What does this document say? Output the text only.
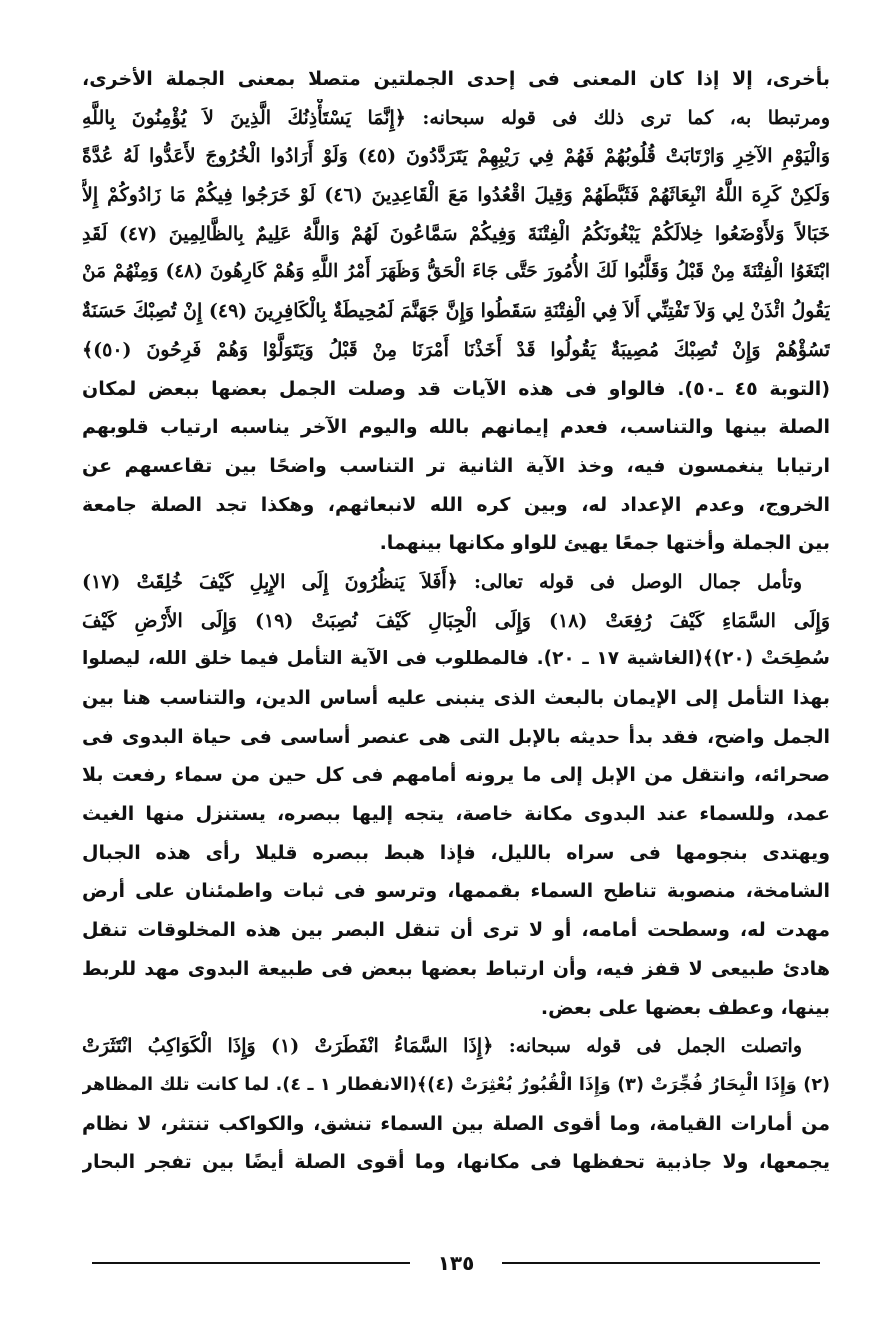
بأخرى، إلا إذا كان المعنى فى إحدى الجملتين متصلا بمعنى الجملة الأخرى،
ومرتبطا به، كما ترى ذلك فى قوله سبحانه: ﴿إِنَّمَا يَسْتَأْذِنُكَ الَّذِينَ لاَ يُؤْمِنُونَ بِاللَّهِ
وَالْيَوْمِ الآخِرِ وَارْتَابَتْ قُلُوبُهُمْ فَهُمْ فِي رَيْبِهِمْ يَتَرَدَّدُونَ (٤٥) وَلَوْ أَرَادُوا الْخُرُوجَ لأَعَدُّوا لَهُ عُدَّةً
وَلَكِنْ كَرِهَ اللَّهُ انْبِعَاثَهُمْ فَثَبَّطَهُمْ وَقِيلَ اقْعُدُوا مَعَ الْقَاعِدِينَ (٤٦) لَوْ خَرَجُوا فِيكُمْ مَا زَادُوكُمْ إِلاَّ
خَبَالاً وَلأَوْضَعُوا خِلالَكُمْ يَبْغُونَكُمُ الْفِتْنَةَ وَفِيكُمْ سَمَّاعُونَ لَهُمْ وَاللَّهُ عَلِيمٌ بِالظَّالِمِينَ (٤٧) لَقَدِ
ابْتَغَوُا الْفِتْنَةَ مِنْ قَبْلُ وَقَلَّبُوا لَكَ الأُمُورَ حَتَّى جَاءَ الْحَقُّ وَظَهَرَ أَمْرُ اللَّهِ وَهُمْ كَارِهُونَ (٤٨) وَمِنْهُمْ مَنْ
يَقُولُ ائْذَنْ لِي وَلاَ تَفْتِنِّي أَلاَ فِي الْفِتْنَةِ سَقَطُوا وَإِنَّ جَهَنَّمَ لَمُحِيطَةٌ بِالْكَافِرِينَ (٤٩) إِنْ تُصِبْكَ حَسَنَةٌ
تَسُؤْهُمْ وَإِنْ تُصِبْكَ مُصِيبَةٌ يَقُولُوا قَدْ أَخَذْنَا أَمْرَنَا مِنْ قَبْلُ وَيَتَوَلَّوْا وَهُمْ فَرِحُونَ (٥٠)﴾
(التوبة ٤٥ ـ٥٠). فالواو فى هذه الآيات قد وصلت الجمل بعضها ببعض لمكان
الصلة بينها والتناسب، فعدم إيمانهم بالله واليوم الآخر يناسبه ارتياب قلوبهم
ارتيابا ينغمسون فيه، وخذ الآية الثانية تر التناسب واضحًا بين تقاعسهم عن
الخروج، وعدم الإعداد له، وبين كره الله لانبعاثهم، وهكذا تجد الصلة جامعة
بين الجملة وأختها جمعًا يهيئ للواو مكانها بينهما.
وتأمل جمال الوصل فى قوله تعالى: ﴿أَفَلاَ يَنظُرُونَ إِلَى الإِبِلِ كَيْفَ خُلِقَتْ (١٧)
وَإِلَى السَّمَاءِ كَيْفَ رُفِعَتْ (١٨) وَإِلَى الْجِبَالِ كَيْفَ نُصِبَتْ (١٩) وَإِلَى الأَرْضِ كَيْفَ
سُطِحَتْ (٢٠)﴾(الغاشية ١٧ ـ ٢٠). فالمطلوب فى الآية التأمل فيما خلق الله، ليصلوا
بهذا التأمل إلى الإيمان بالبعث الذى ينبنى عليه أساس الدين، والتناسب هنا بين
الجمل واضح، فقد بدأ حديثه بالإبل التى هى عنصر أساسى فى حياة البدوى فى
صحرائه، وانتقل من الإبل إلى ما يرونه أمامهم فى كل حين من سماء رفعت بلا
عمد، وللسماء عند البدوى مكانة خاصة، يتجه إليها ببصره، يستنزل منها الغيث
ويهتدى بنجومها فى سراه بالليل، فإذا هبط ببصره قليلا رأى هذه الجبال
الشامخة، منصوبة تناطح السماء بقممها، وترسو فى ثبات واطمئنان على أرض
مهدت له، وسطحت أمامه، أو لا ترى أن تنقل البصر بين هذه المخلوقات تنقل
هادئ طبيعى لا قفز فيه، وأن ارتباط بعضها ببعض فى طبيعة البدوى مهد للربط
بينها، وعطف بعضها على بعض.
واتصلت الجمل فى قوله سبحانه: ﴿إِذَا السَّمَاءُ انْفَطَرَتْ (١) وَإِذَا الْكَوَاكِبُ انْتَثَرَتْ
(٢) وَإِذَا الْبِحَارُ فُجِّرَتْ (٣) وَإِذَا الْقُبُورُ بُعْثِرَتْ (٤)﴾(الانفطار ١ ـ ٤). لما كانت تلك المظاهر
من أمارات القيامة، وما أقوى الصلة بين السماء تنشق، والكواكب تنتثر، لا نظام
يجمعها، ولا جاذبية تحفظها فى مكانها، وما أقوى الصلة أيضًا بين تفجر البحار
١٣٥
